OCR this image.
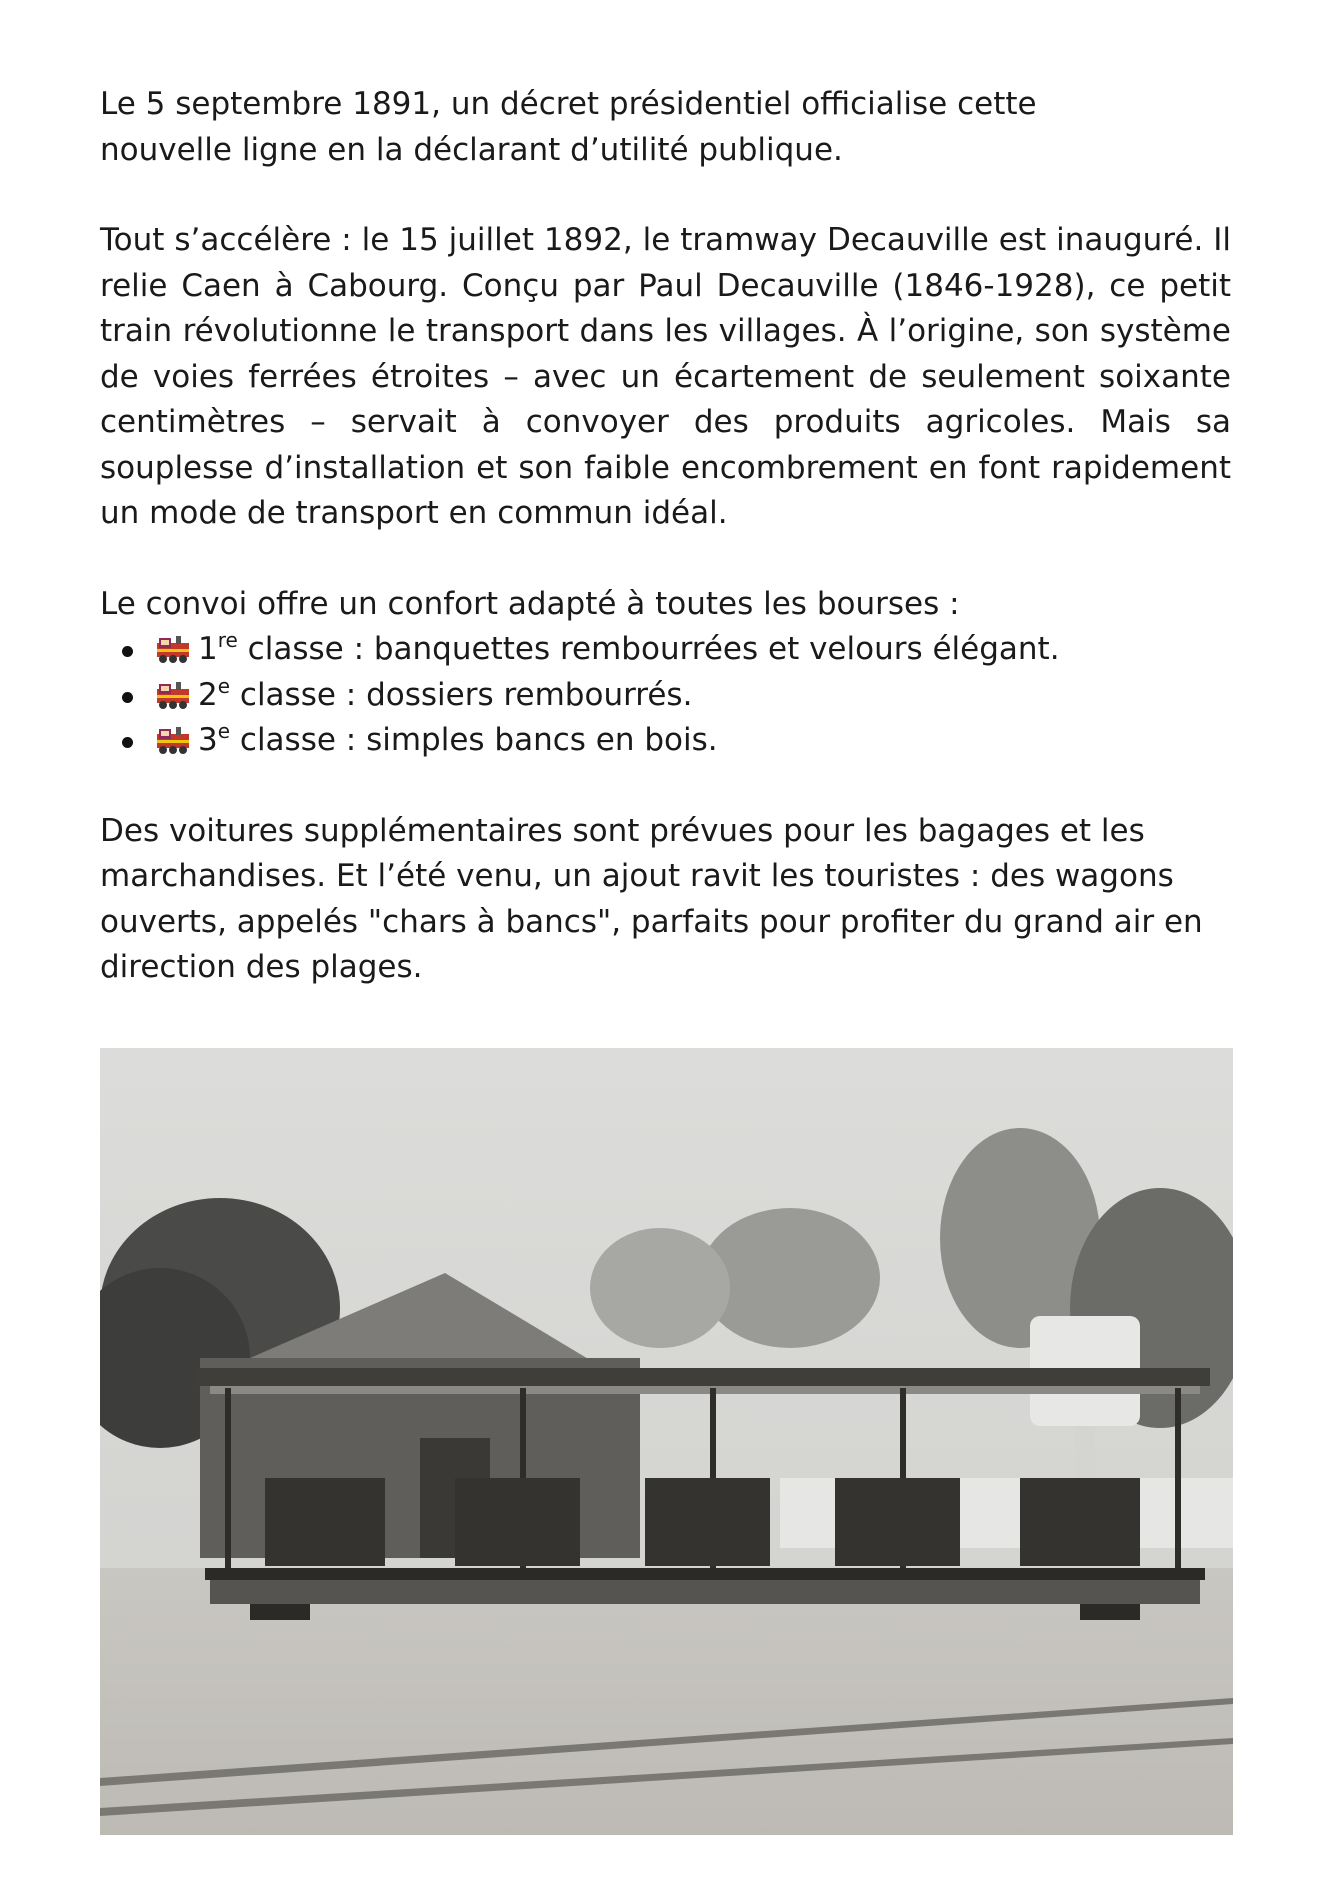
Le 5 septembre 1891, un décret présidentiel officialise cette nouvelle ligne en la déclarant d’utilité publique.

Tout s’accélère : le 15 juillet 1892, le tramway Decauville est inauguré. Il relie Caen à Cabourg. Conçu par Paul Decauville (1846-1928), ce petit train révolutionne le transport dans les villages. À l’origine, son système de voies ferrées étroites – avec un écartement de seulement soixante centimètres – servait à convoyer des produits agricoles. Mais sa souplesse d’installation et son faible encombrement en font rapidement un mode de transport en commun idéal.

Le convoi offre un confort adapté à toutes les bourses :

1re classe : banquettes rembourrées et velours élégant.
2e classe : dossiers rembourrés.
3e classe : simples bancs en bois.

Des voitures supplémentaires sont prévues pour les bagages et les marchandises. Et l’été venu, un ajout ravit les touristes : des wagons ouverts, appelés "chars à bancs", parfaits pour profiter du grand air en direction des plages.
